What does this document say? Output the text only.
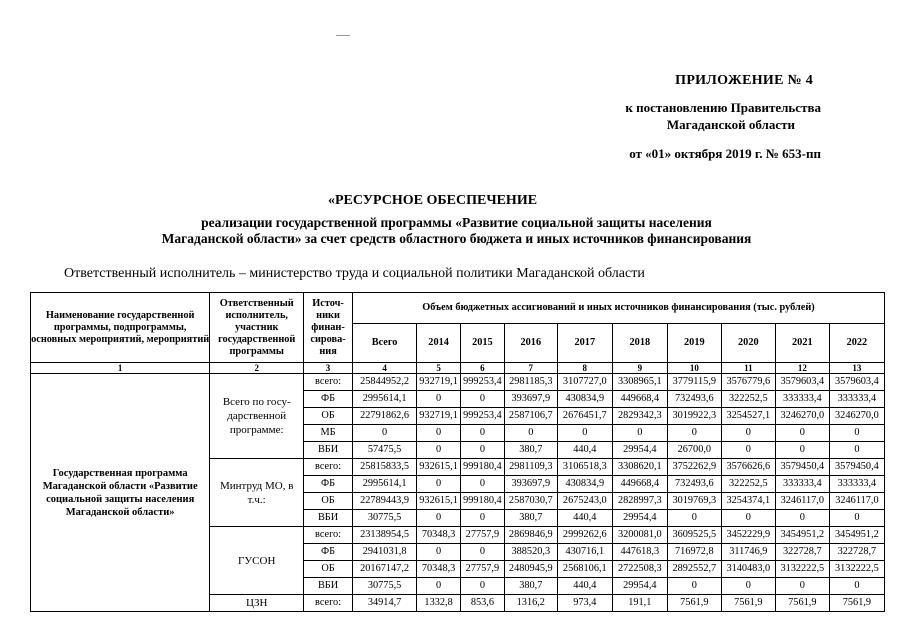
ПРИЛОЖЕНИЕ № 4
к постановлению Правительства
Магаданской области
от «01» октября 2019 г. № 653-пп
«РЕСУРСНОЕ ОБЕСПЕЧЕНИЕ
реализации государственной программы «Развитие социальной защиты населения
Магаданской области» за счет средств областного бюджета и иных источников финансирования
Ответственный исполнитель – министерство труда и социальной политики Магаданской области
Наименование государственной программы, подпрограммы, основных мероприятий, мероприятий	Ответственный исполнитель, участник государственной программы	Источ-ники финан-сирова-ния	Объем бюджетных ассигнований и иных источников финансирования (тыс. рублей)									
			Всего	2014	2015	2016	2017	2018	2019	2020	2021	2022
1	2	3	4	5	6	7	8	9	10	11	12	13
Государственная программа Магаданской области «Развитие социальной защиты населения Магаданской области»	Всего по госу-дарственной программе:	всего:	25844952,2	932719,1	999253,4	2981185,3	3107727,0	3308965,1	3779115,9	3576779,6	3579603,4	3579603,4
		ФБ	2995614,1	0	0	393697,9	430834,9	449668,4	732493,6	322252,5	333333,4	333333,4
		ОБ	22791862,6	932719,1	999253,4	2587106,7	2676451,7	2829342,3	3019922,3	3254527,1	3246270,0	3246270,0
		МБ	0	0	0	0	0	0	0	0	0	0
		ВБИ	57475,5	0	0	380,7	440,4	29954,4	26700,0	0	0	0
	Минтруд МО, в т.ч.:	всего:	25815833,5	932615,1	999180,4	2981109,3	3106518,3	3308620,1	3752262,9	3576626,6	3579450,4	3579450,4
		ФБ	2995614,1	0	0	393697,9	430834,9	449668,4	732493,6	322252,5	333333,4	333333,4
		ОБ	22789443,9	932615,1	999180,4	2587030,7	2675243,0	2828997,3	3019769,3	3254374,1	3246117,0	3246117,0
		ВБИ	30775,5	0	0	380,7	440,4	29954,4	0	0	0	0
	ГУСОН	всего:	23138954,5	70348,3	27757,9	2869846,9	2999262,6	3200081,0	3609525,5	3452229,9	3454951,2	3454951,2
		ФБ	2941031,8	0	0	388520,3	430716,1	447618,3	716972,8	311746,9	322728,7	322728,7
		ОБ	20167147,2	70348,3	27757,9	2480945,9	2568106,1	2722508,3	2892552,7	3140483,0	3132222,5	3132222,5
		ВБИ	30775,5	0	0	380,7	440,4	29954,4	0	0	0	0
	ЦЗН	всего:	34914,7	1332,8	853,6	1316,2	973,4	191,1	7561,9	7561,9	7561,9	7561,9
